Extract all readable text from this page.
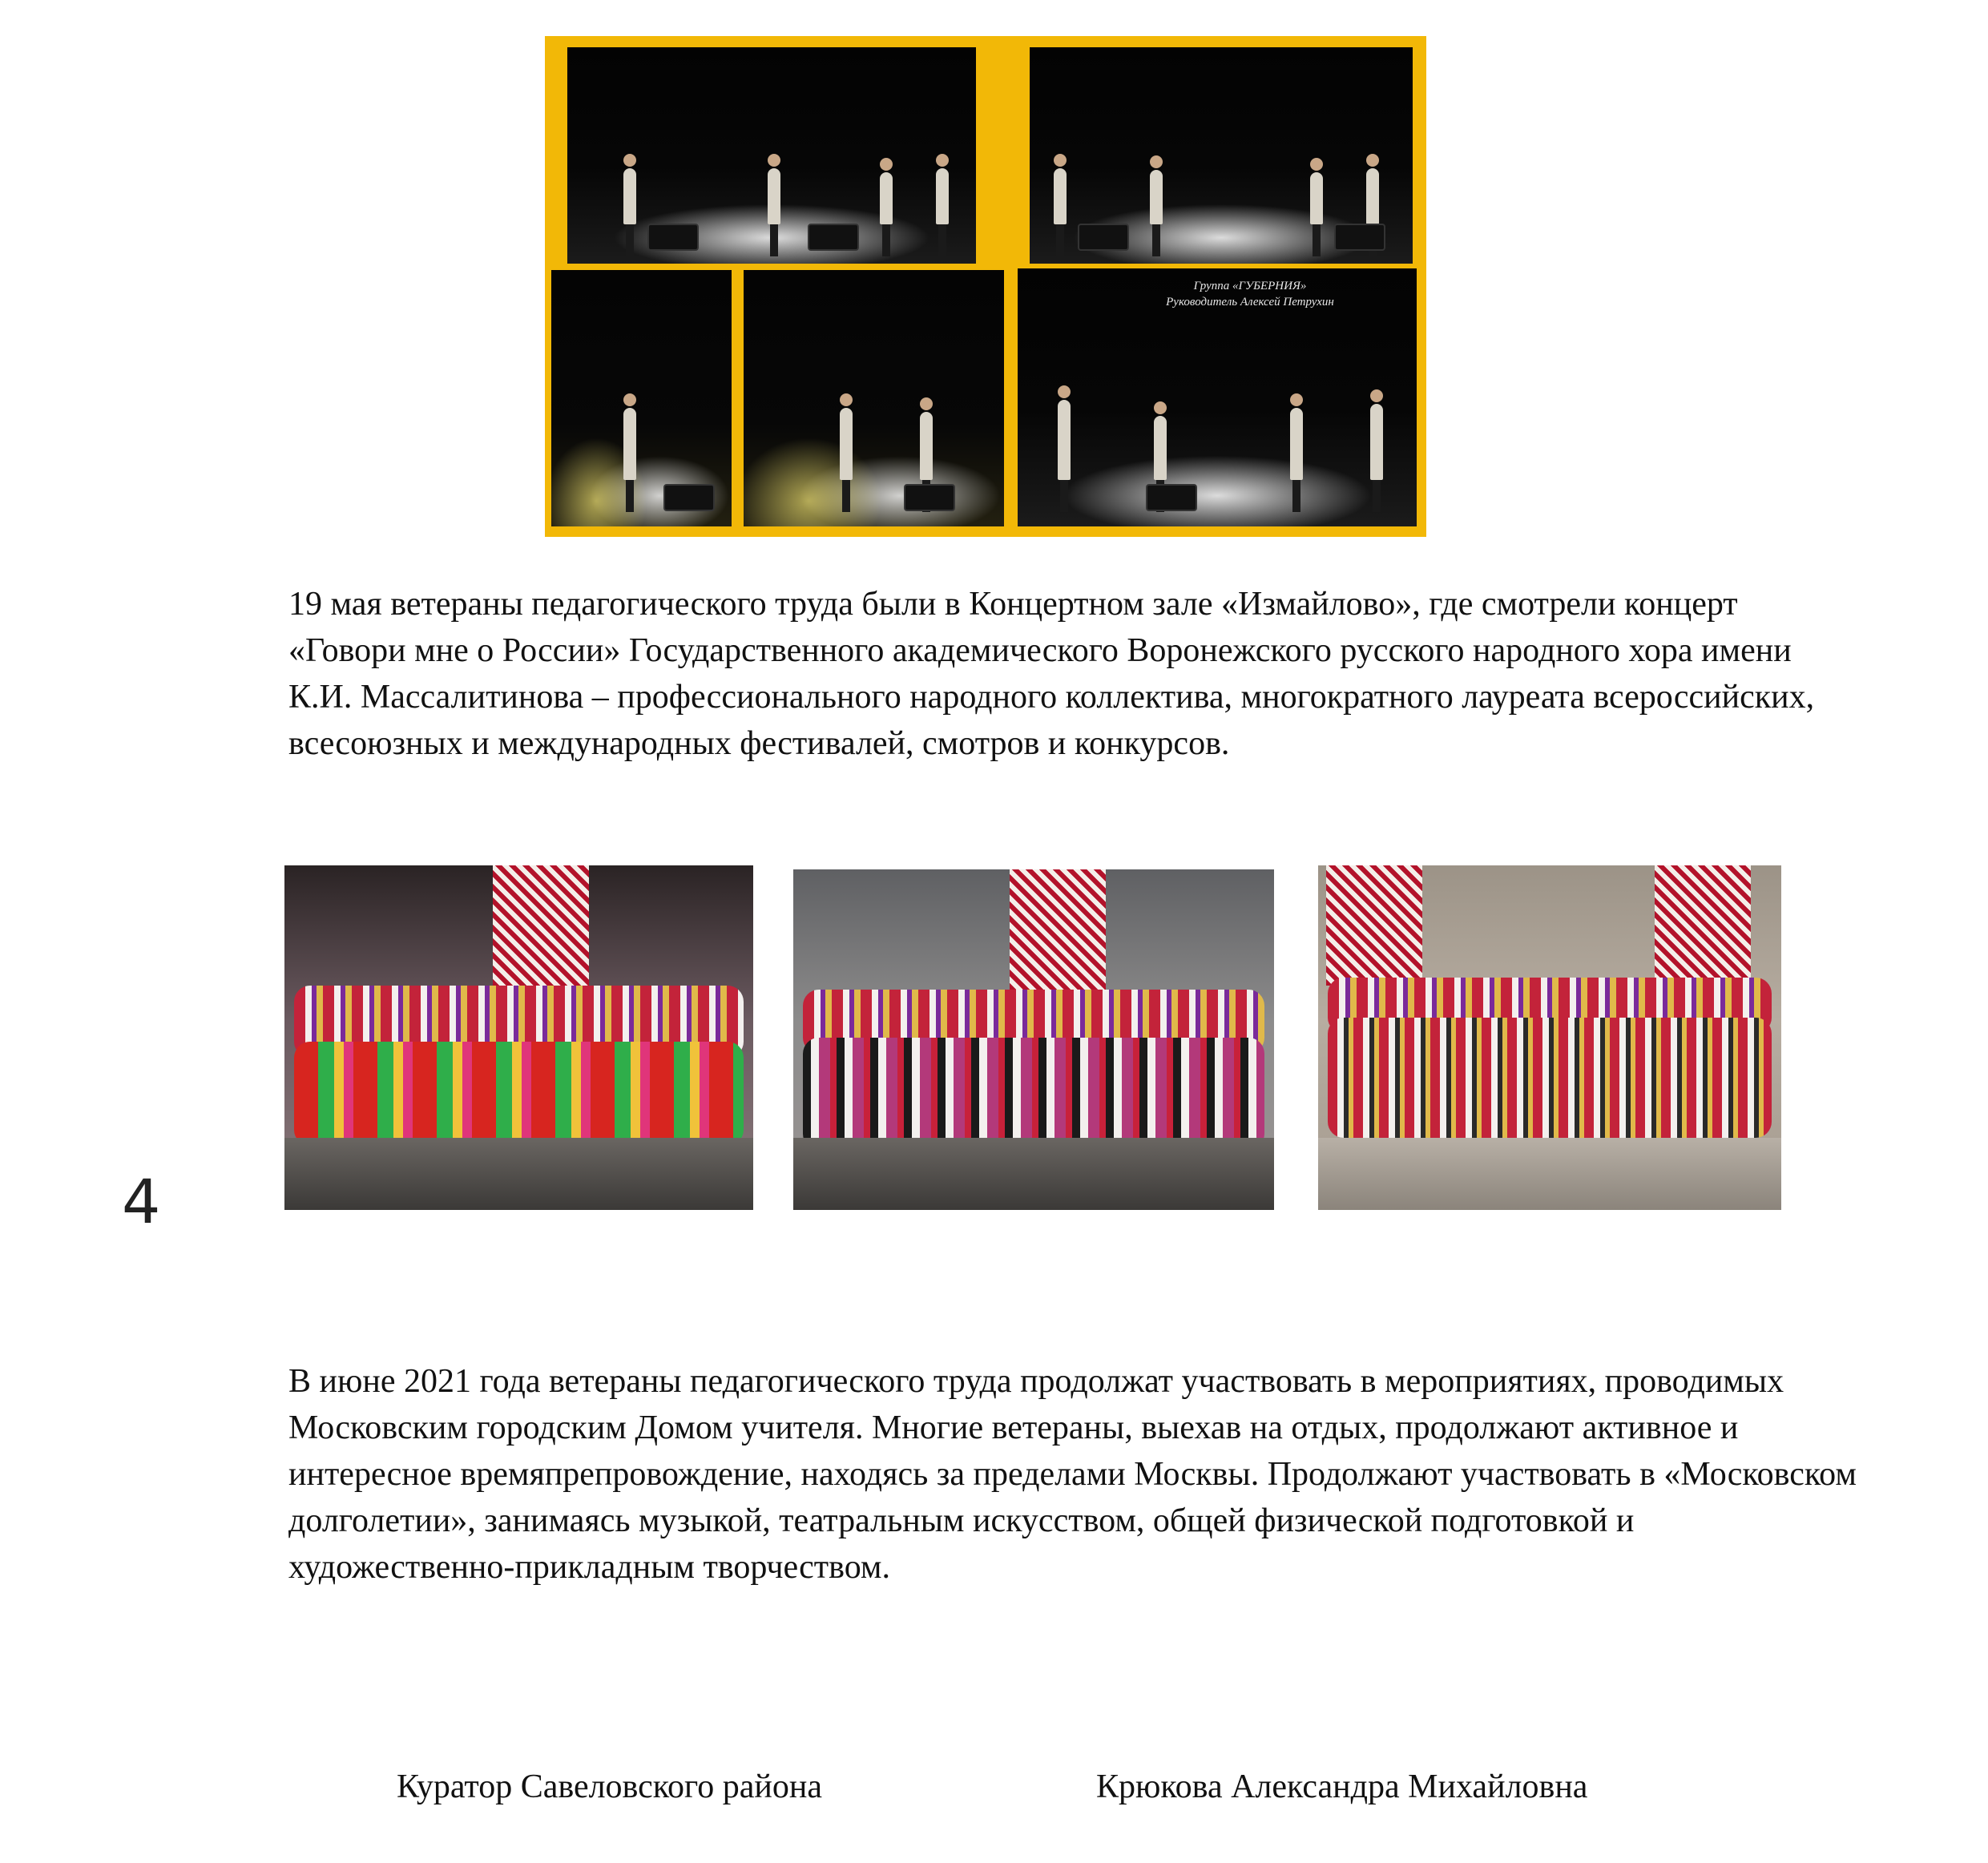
Группа «ГУБЕРНИЯ»
Руководитель Алексей Петрухин

19 мая ветераны педагогического труда были в Концертном зале «Измайлово», где смотрели концерт «Говори мне о России» Государственного академического Воронежского русского народного хора имени К.И. Массалитинова – профессионального народного коллектива, многократного лауреата всероссийских, всесоюзных и международных фестивалей, смотров и конкурсов.

4

В июне 2021 года ветераны педагогического труда продолжат участвовать в мероприятиях, проводимых Московским городским Домом учителя. Многие ветераны, выехав на отдых, продолжают активное и интересное времяпрепровождение, находясь за пределами Москвы. Продолжают участвовать в «Московском долголетии», занимаясь музыкой, театральным искусством, общей физической подготовкой и художественно-прикладным творчеством.

Куратор Савеловского района	Крюкова Александра Михайловна
